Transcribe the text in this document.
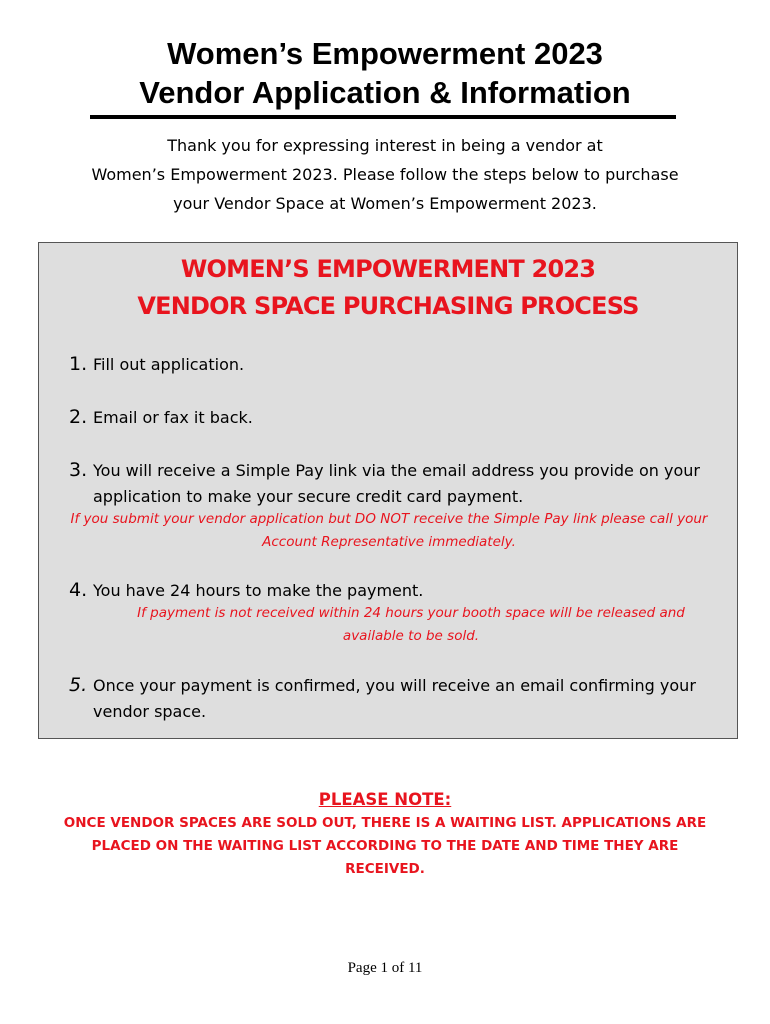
Women’s Empowerment 2023
Vendor Application & Information
Thank you for expressing interest in being a vendor at
Women’s Empowerment 2023. Please follow the steps below to purchase
your Vendor Space at Women’s Empowerment 2023.
WOMEN’S EMPOWERMENT 2023
VENDOR SPACE PURCHASING PROCESS
1. Fill out application.
2. Email or fax it back.
3. You will receive a Simple Pay link via the email address you provide on your
application to make your secure credit card payment.
If you submit your vendor application but DO NOT receive the Simple Pay link please call your
Account Representative immediately.
4. You have 24 hours to make the payment.
If payment is not received within 24 hours your booth space will be released and
available to be sold.
5. Once your payment is confirmed, you will receive an email confirming your
vendor space.
PLEASE NOTE:
ONCE VENDOR SPACES ARE SOLD OUT, THERE IS A WAITING LIST. APPLICATIONS ARE
PLACED ON THE WAITING LIST ACCORDING TO THE DATE AND TIME THEY ARE
RECEIVED.
Page 1 of 11
